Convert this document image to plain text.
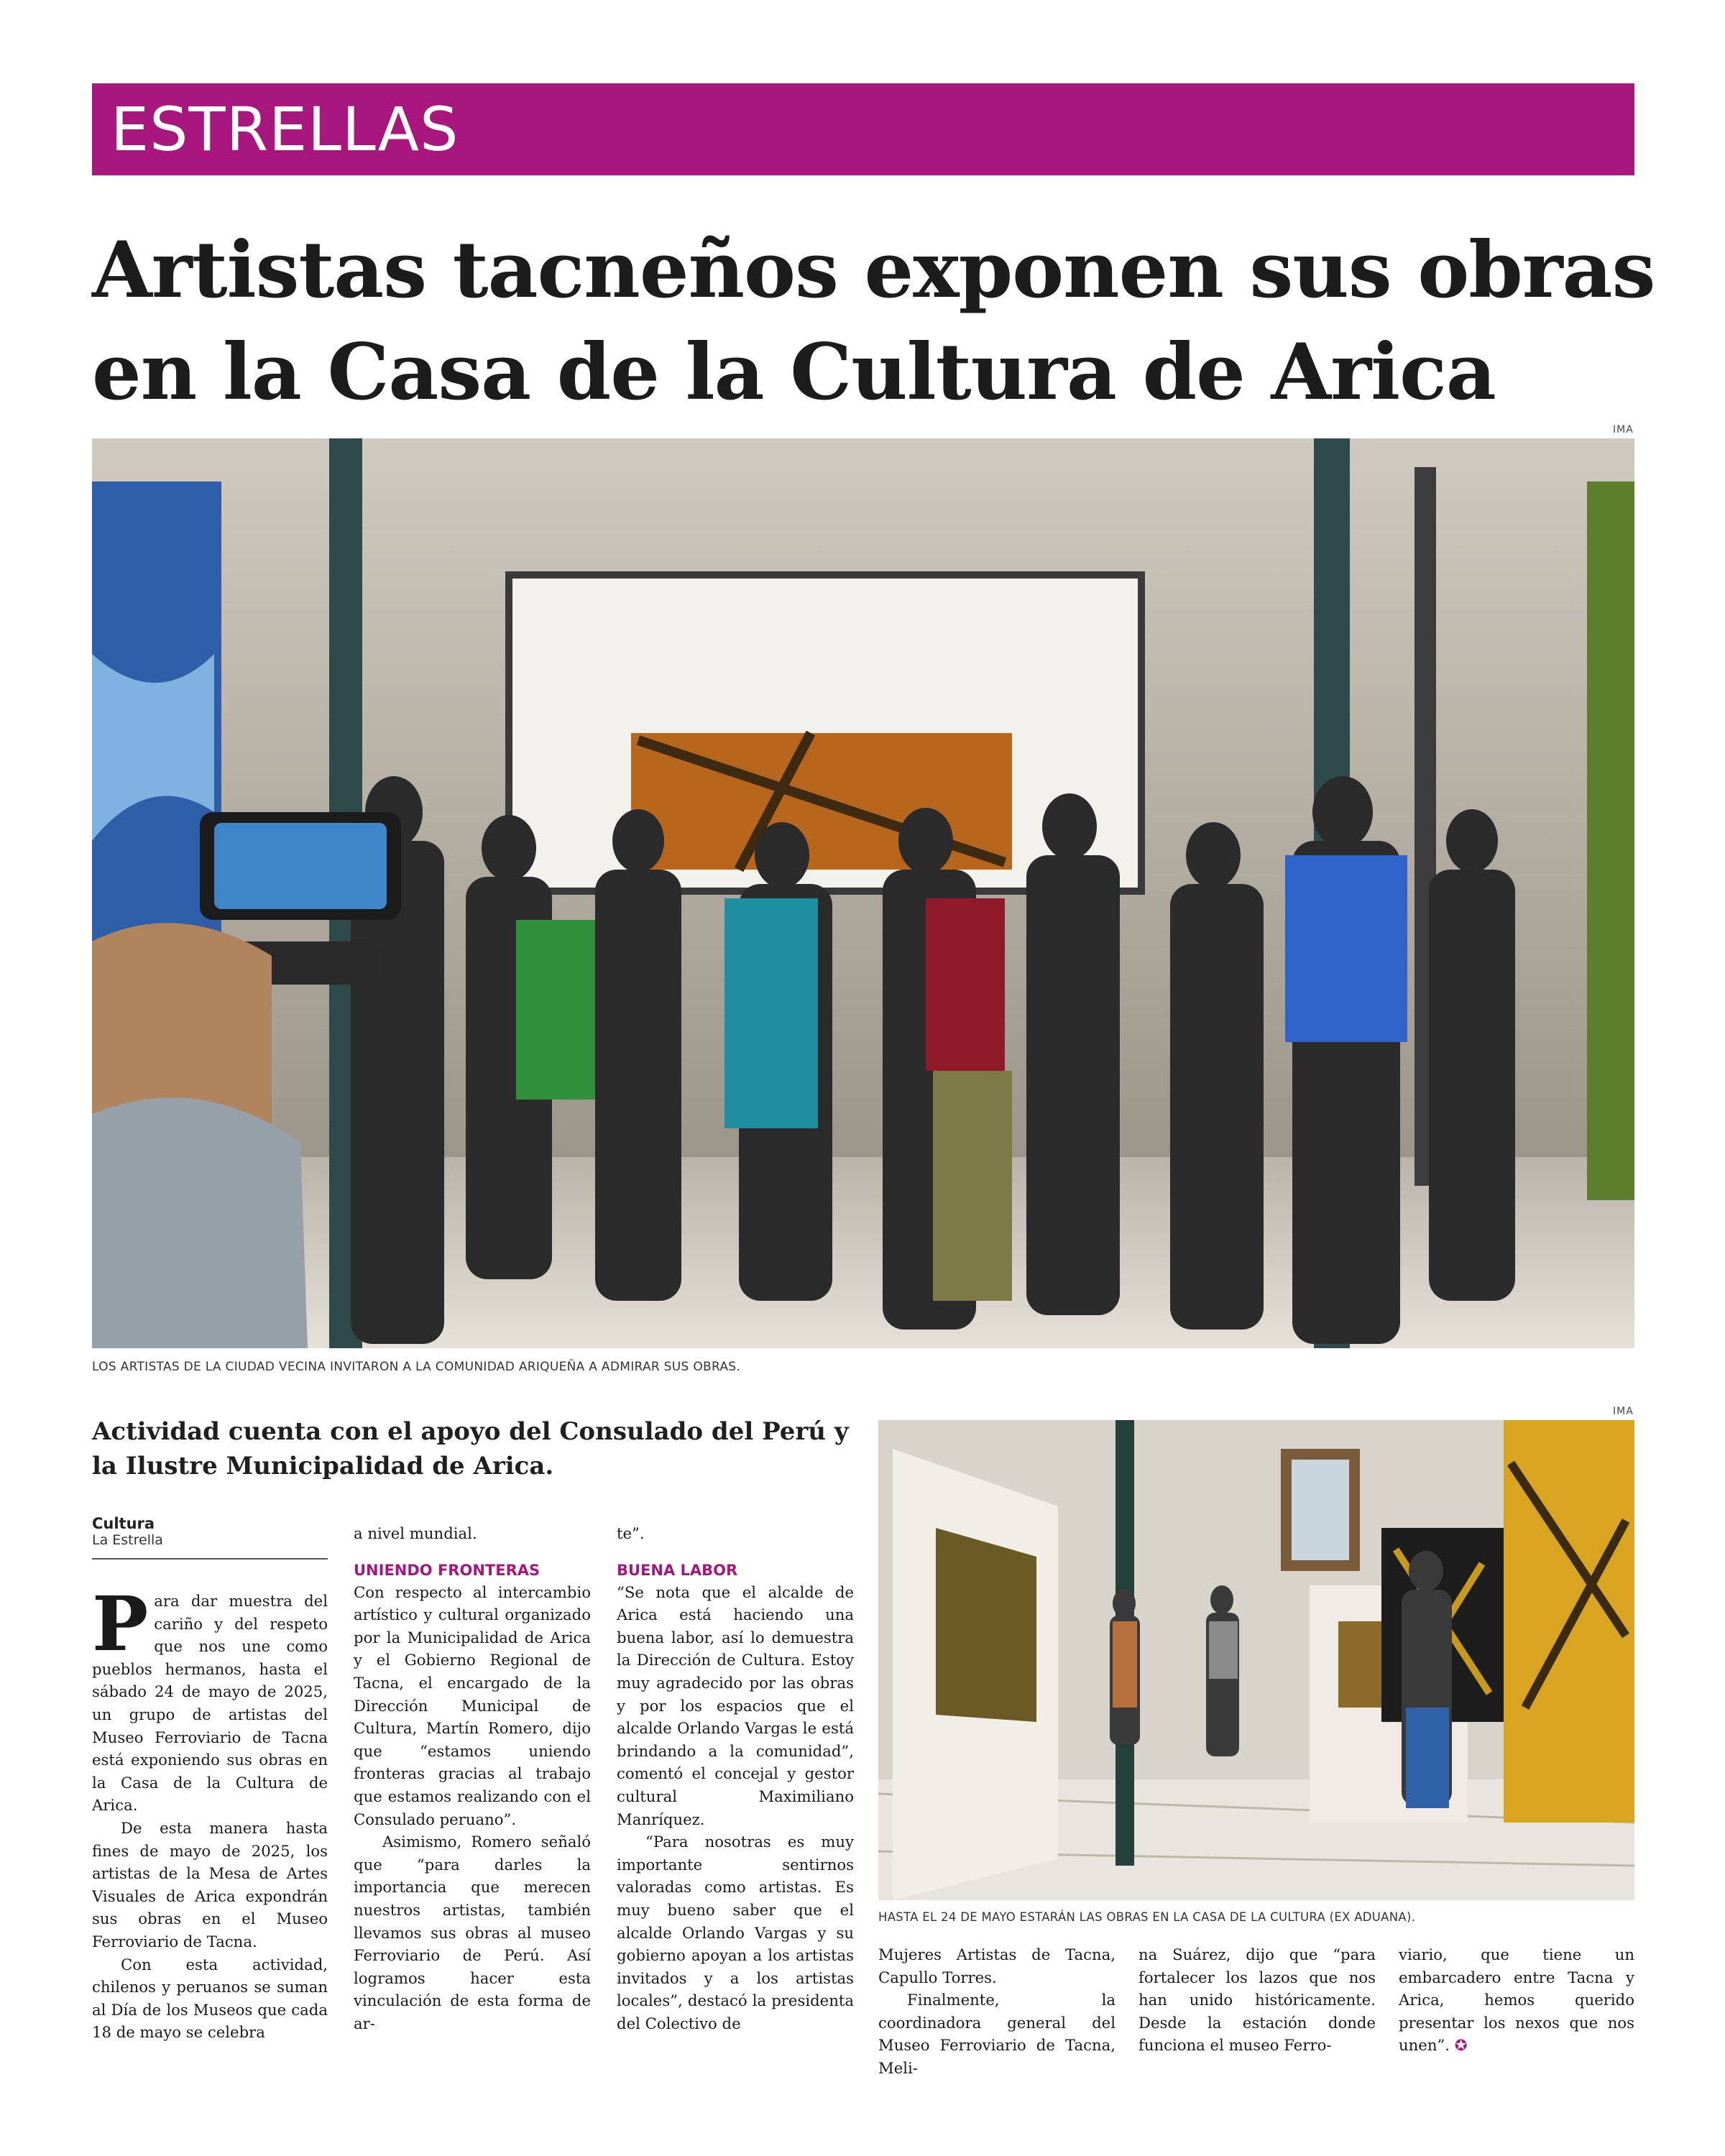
ESTRELLAS
Artistas tacneños exponen sus obras
en la Casa de la Cultura de Arica
IMA
LOS ARTISTAS DE LA CIUDAD VECINA INVITARON A LA COMUNIDAD ARIQUEÑA A ADMIRAR SUS OBRAS.
Actividad cuenta con el apoyo del Consulado del Perú y la Ilustre Municipalidad de Arica.
Cultura
La Estrella

P ara dar muestra del cariño y del respeto que nos une como pueblos hermanos, hasta el sábado 24 de mayo de 2025, un grupo de artistas del Museo Ferroviario de Tacna está exponiendo sus obras en la Casa de la Cultura de Arica.

De esta manera hasta fines de mayo de 2025, los artistas de la Mesa de Artes Visuales de Arica expondrán sus obras en el Museo Ferroviario de Tacna.

Con esta actividad, chilenos y peruanos se suman al Día de los Museos que cada 18 de mayo se celebra

a nivel mundial.

UNIENDO FRONTERAS

Con respecto al intercambio artístico y cultural organizado por la Municipalidad de Arica y el Gobierno Regional de Tacna, el encargado de la Dirección Municipal de Cultura, Martín Romero, dijo que “estamos uniendo fronteras gracias al trabajo que estamos realizando con el Consulado peruano”.

Asimismo, Romero señaló que “para darles la importancia que merecen nuestros artistas, también llevamos sus obras al museo Ferroviario de Perú. Así logramos hacer esta vinculación de esta forma de ar-

te”.

BUENA LABOR

“Se nota que el alcalde de Arica está haciendo una buena labor, así lo demuestra la Dirección de Cultura. Estoy muy agradecido por las obras y por los espacios que el alcalde Orlando Vargas le está brindando a la comunidad”, comentó el concejal y gestor cultural Maximiliano Manríquez.

“Para nosotras es muy importante sentirnos valoradas como artistas. Es muy bueno saber que el alcalde Orlando Vargas y su gobierno apoyan a los artistas invitados y a los artistas locales”, destacó la presidenta del Colectivo de

IMA
HASTA EL 24 DE MAYO ESTARÁN LAS OBRAS EN LA CASA DE LA CULTURA (EX ADUANA).

Mujeres Artistas de Tacna, Capullo Torres.

Finalmente, la coordinadora general del Museo Ferroviario de Tacna, Meli-

na Suárez, dijo que “para fortalecer los lazos que nos han unido históricamente. Desde la estación donde funciona el museo Ferro-

viario, que tiene un embarcadero entre Tacna y Arica, hemos querido presentar los nexos que nos unen”. ✪
